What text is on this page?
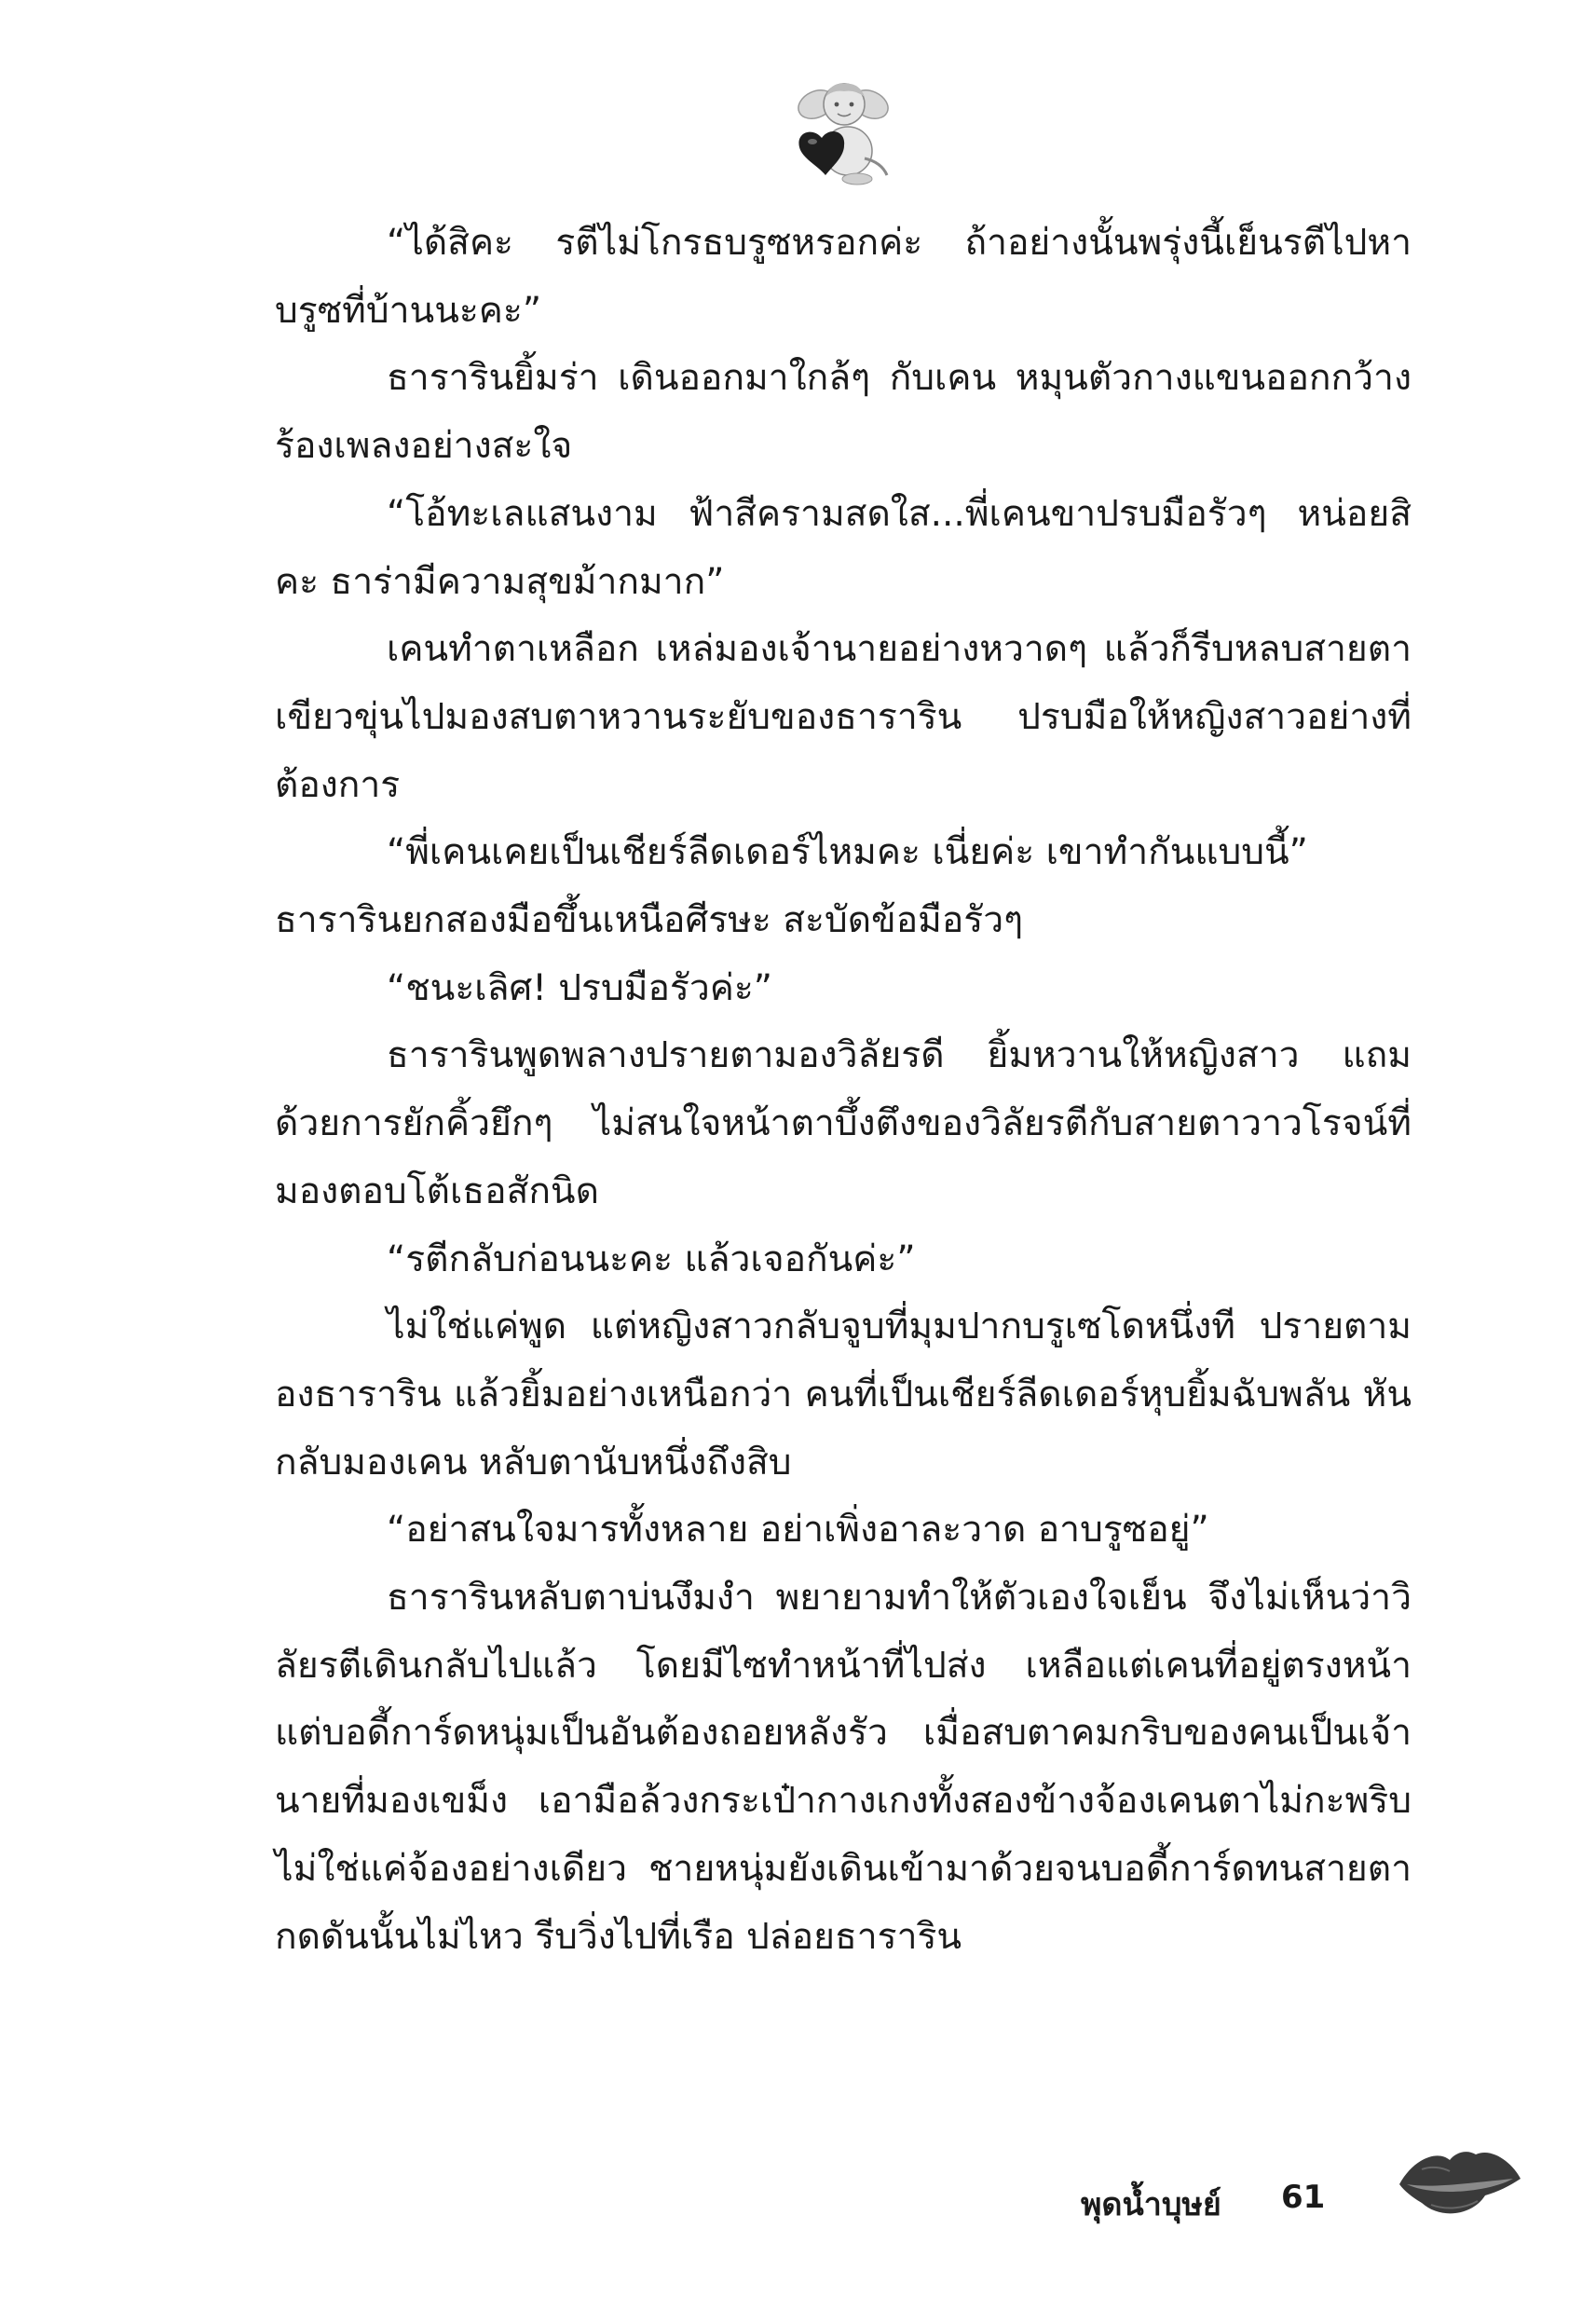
“ได้สิคะ รตีไม่โกรธบรูซหรอกค่ะ ถ้าอย่างนั้นพรุ่งนี้เย็นรตีไปหาบรูซที่บ้านนะคะ”

ธารารินยิ้มร่า เดินออกมาใกล้ๆ กับเคน หมุนตัวกางแขนออกกว้าง ร้องเพลงอย่างสะใจ

“โอ้ทะเลแสนงาม ฟ้าสีครามสดใส...พี่เคนขาปรบมือรัวๆ หน่อยสิคะ ธาร่ามีความสุขม้ากมาก”

เคนทำตาเหลือก เหล่มองเจ้านายอย่างหวาดๆ แล้วก็รีบหลบสายตาเขียวขุ่นไปมองสบตาหวานระยับของธาราริน ปรบมือให้หญิงสาวอย่างที่ต้องการ

“พี่เคนเคยเป็นเชียร์ลีดเดอร์ไหมคะ เนี่ยค่ะ เขาทำกันแบบนี้”

ธารารินยกสองมือขึ้นเหนือศีรษะ สะบัดข้อมือรัวๆ

“ชนะเลิศ! ปรบมือรัวค่ะ”

ธารารินพูดพลางปรายตามองวิลัยรดี ยิ้มหวานให้หญิงสาว แถมด้วยการยักคิ้วยึกๆ ไม่สนใจหน้าตาบึ้งตึงของวิลัยรตีกับสายตาวาวโรจน์ที่มองตอบโต้เธอสักนิด

“รตีกลับก่อนนะคะ แล้วเจอกันค่ะ”

ไม่ใช่แค่พูด แต่หญิงสาวกลับจูบที่มุมปากบรูเซโดหนึ่งที ปรายตามองธาราริน แล้วยิ้มอย่างเหนือกว่า คนที่เป็นเชียร์ลีดเดอร์หุบยิ้มฉับพลัน หันกลับมองเคน หลับตานับหนึ่งถึงสิบ

“อย่าสนใจมารทั้งหลาย อย่าเพิ่งอาละวาด อาบรูซอยู่”

ธารารินหลับตาบ่นงึมงำ พยายามทำให้ตัวเองใจเย็น จึงไม่เห็นว่าวิลัยรตีเดินกลับไปแล้ว โดยมีไซทำหน้าที่ไปส่ง เหลือแต่เคนที่อยู่ตรงหน้า แต่บอดี้การ์ดหนุ่มเป็นอันต้องถอยหลังรัว เมื่อสบตาคมกริบของคนเป็นเจ้านายที่มองเขม็ง เอามือล้วงกระเป๋ากางเกงทั้งสองข้างจ้องเคนตาไม่กะพริบ ไม่ใช่แค่จ้องอย่างเดียว ชายหนุ่มยังเดินเข้ามาด้วยจนบอดี้การ์ดทนสายตากดดันนั้นไม่ไหว รีบวิ่งไปที่เรือ ปล่อยธาราริน

พุดน้ำบุษย์ 61
